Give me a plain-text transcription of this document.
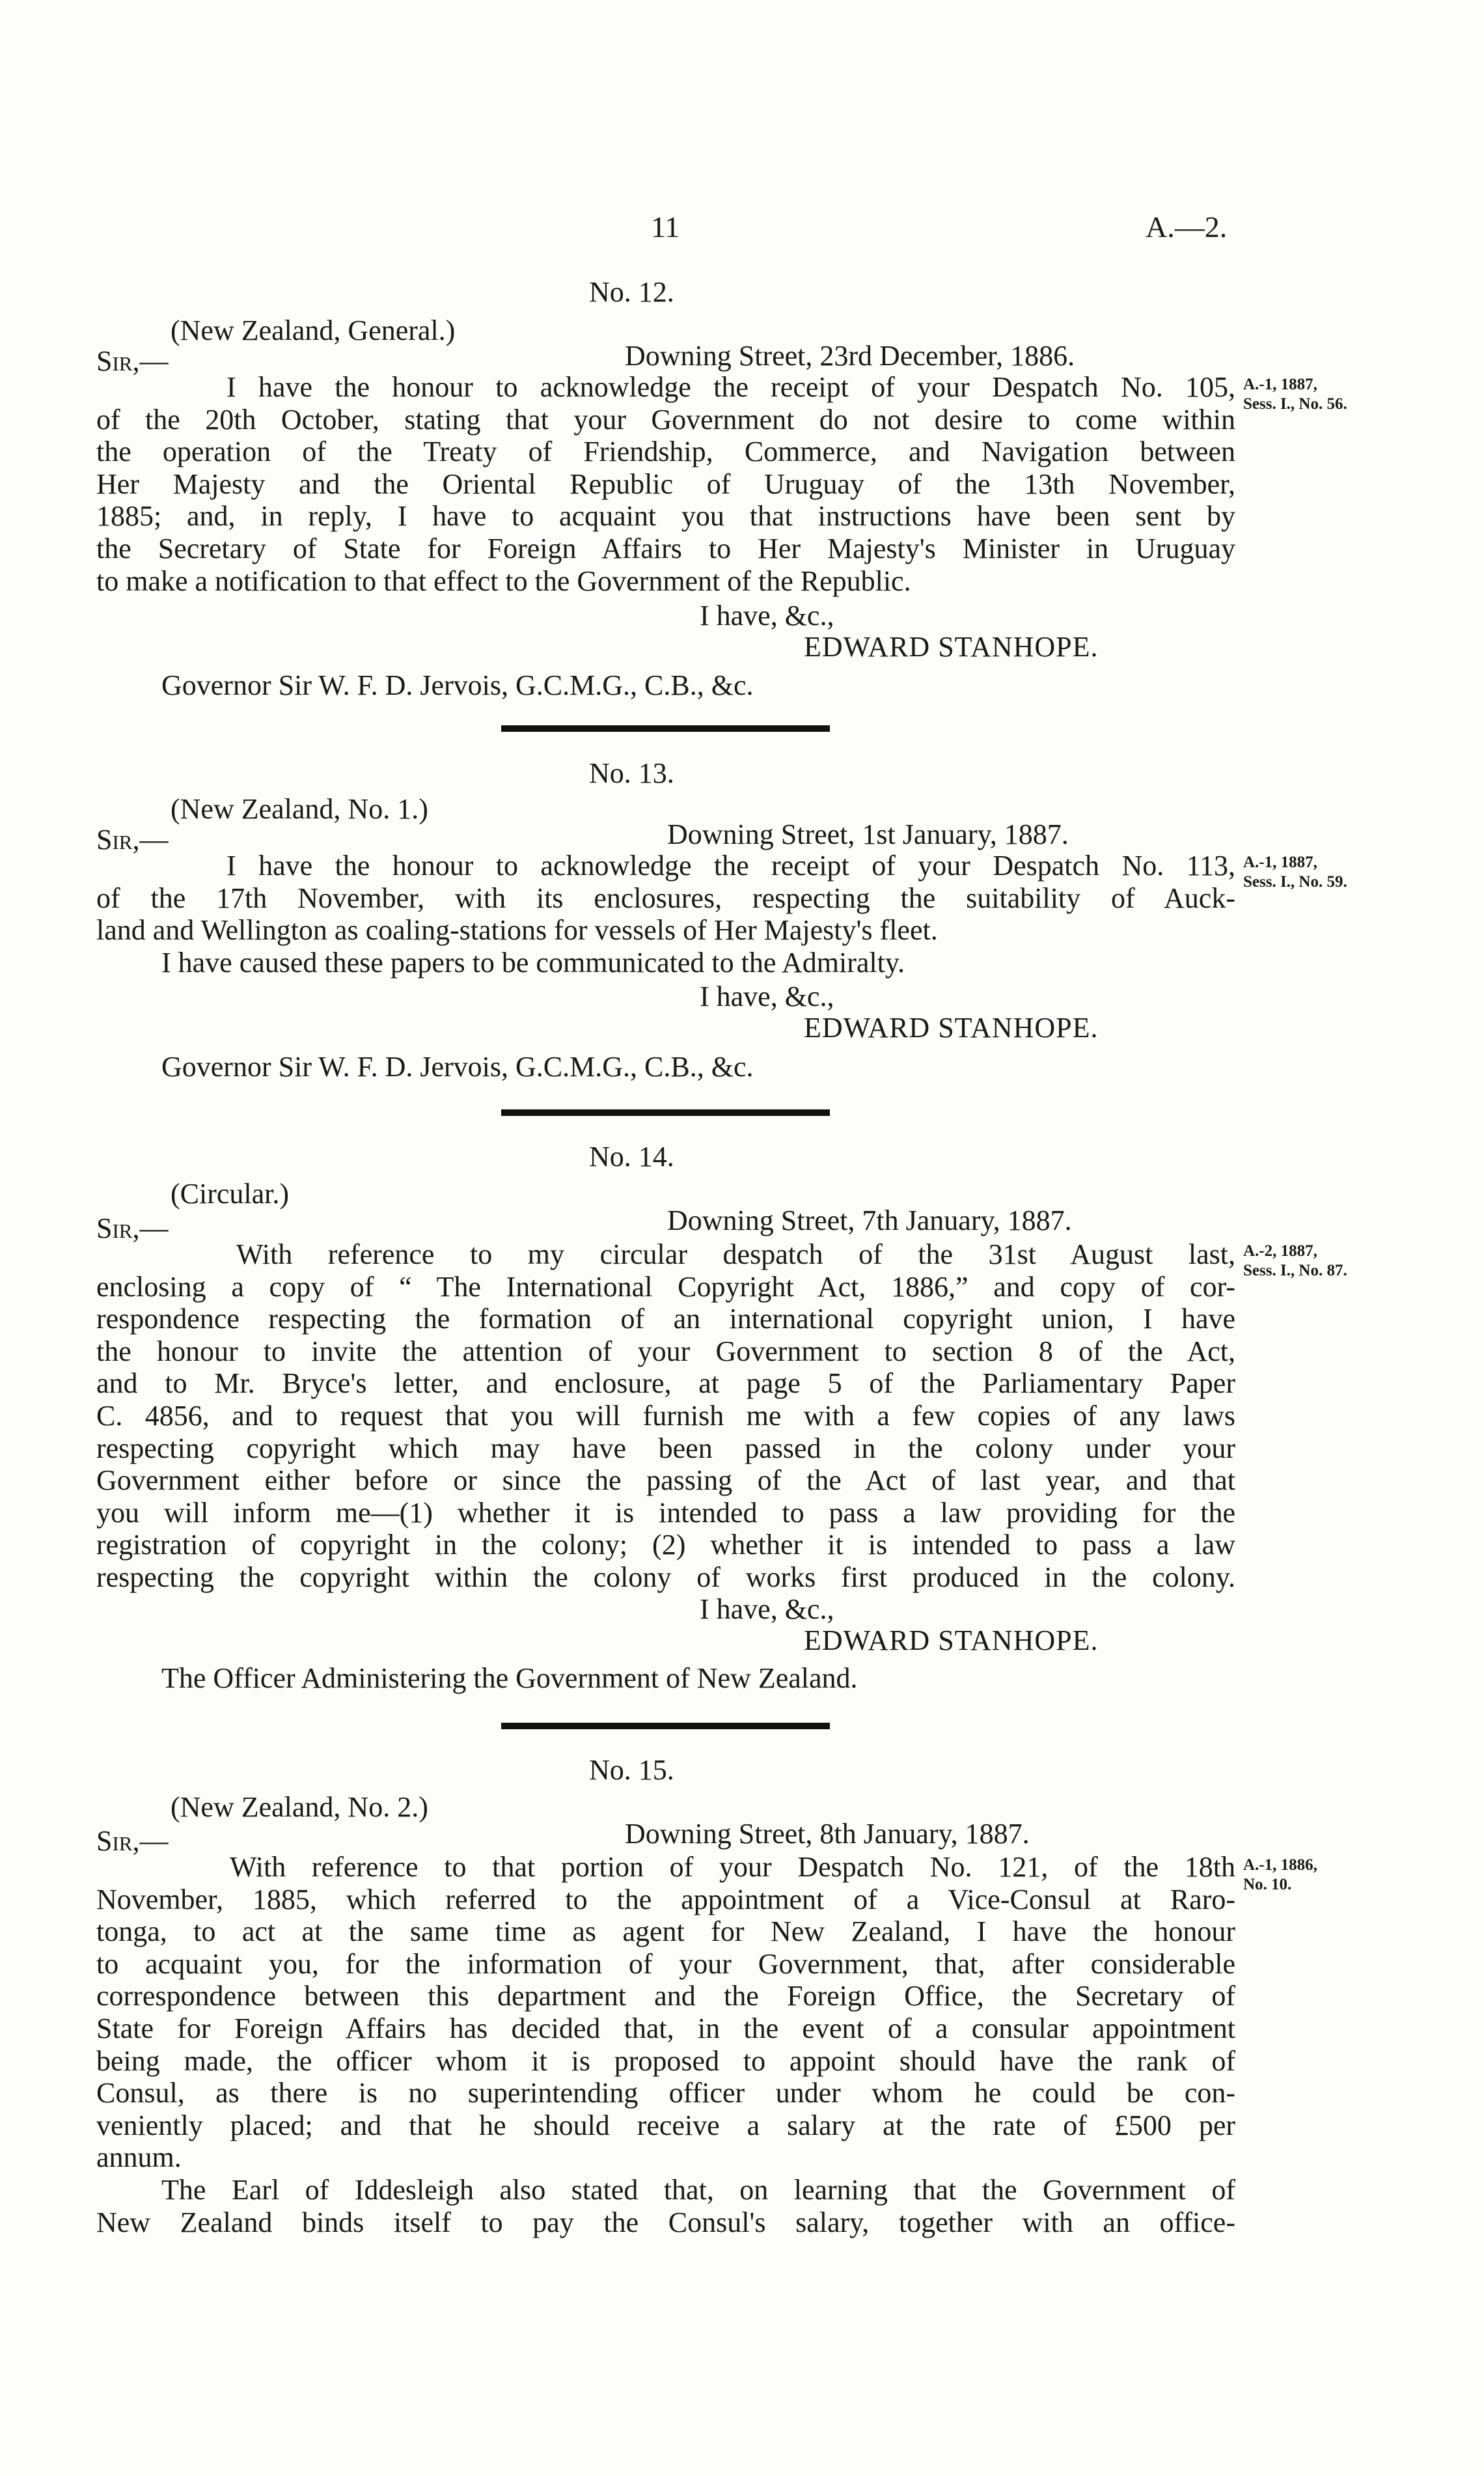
11	A.—2.
No. 12.
(New Zealand, General.)
Sir,—	Downing Street, 23rd December, 1886.

I have the honour to acknowledge the receipt of your Despatch No. 105,

of the 20th October, stating that your Government do not desire to come within

the operation of the Treaty of Friendship, Commerce, and Navigation between

Her Majesty and the Oriental Republic of Uruguay of the 13th November,

1885; and, in reply, I have to acquaint you that instructions have been sent by

the Secretary of State for Foreign Affairs to Her Majesty's Minister in Uruguay

to make a notification to that effect to the Government of the Republic.

I have, &c.,
EDWARD STANHOPE.
Governor Sir W. F. D. Jervois, G.C.M.G., C.B., &c.
A.-1, 1887,
Sess. I., No. 56.
No. 13.
(New Zealand, No. 1.)
Sir,—	Downing Street, 1st January, 1887.

I have the honour to acknowledge the receipt of your Despatch No. 113,

of the 17th November, with its enclosures, respecting the suitability of Auck-

land and Wellington as coaling-stations for vessels of Her Majesty's fleet.

I have caused these papers to be communicated to the Admiralty.

I have, &c.,
EDWARD STANHOPE.
Governor Sir W. F. D. Jervois, G.C.M.G., C.B., &c.
A.-1, 1887,
Sess. I., No. 59.
No. 14.
(Circular.)
Sir,—	Downing Street, 7th January, 1887.

With reference to my circular despatch of the 31st August last,

enclosing a copy of “ The International Copyright Act, 1886,” and copy of cor-

respondence respecting the formation of an international copyright union, I have

the honour to invite the attention of your Government to section 8 of the Act,

and to Mr. Bryce's letter, and enclosure, at page 5 of the Parliamentary Paper

C. 4856, and to request that you will furnish me with a few copies of any laws

respecting copyright which may have been passed in the colony under your

Government either before or since the passing of the Act of last year, and that

you will inform me—(1) whether it is intended to pass a law providing for the

registration of copyright in the colony; (2) whether it is intended to pass a law

respecting the copyright within the colony of works first produced in the colony.

I have, &c.,
EDWARD STANHOPE.
The Officer Administering the Government of New Zealand.
A.-2, 1887,
Sess. I., No. 87.
No. 15.
(New Zealand, No. 2.)
Sir,—	Downing Street, 8th January, 1887.

With reference to that portion of your Despatch No. 121, of the 18th

November, 1885, which referred to the appointment of a Vice-Consul at Raro-

tonga, to act at the same time as agent for New Zealand, I have the honour

to acquaint you, for the information of your Government, that, after considerable

correspondence between this department and the Foreign Office, the Secretary of

State for Foreign Affairs has decided that, in the event of a consular appointment

being made, the officer whom it is proposed to appoint should have the rank of

Consul, as there is no superintending officer under whom he could be con-

veniently placed; and that he should receive a salary at the rate of £500 per

annum.

The Earl of Iddesleigh also stated that, on learning that the Government of

New Zealand binds itself to pay the Consul's salary, together with an office-

A.-1, 1886,
No. 10.
